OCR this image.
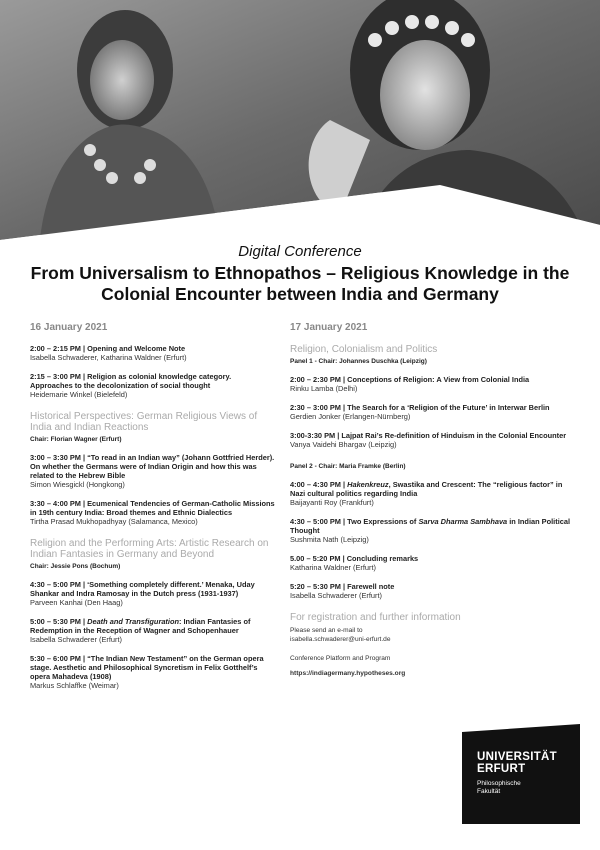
Digital Conference
From Universalism to Ethnopathos – Religious Knowledge in the Colonial Encounter between India and Germany
16 January 2021
2:00 – 2:15 PM | Opening and Welcome Note
Isabella Schwaderer, Katharina Waldner (Erfurt)
2:15 – 3:00 PM | Religion as colonial knowledge category. Approaches to the decolonization of social thought
Heidemarie Winkel (Bielefeld)
Historical Perspectives: German Religious Views of India and Indian Reactions
Chair: Florian Wagner (Erfurt)
3:00 – 3:30 PM | “To read in an Indian way” (Johann Gottfried Herder). On whether the Germans were of Indian Origin and how this was related to the Hebrew Bible
Simon Wiesgickl (Hongkong)
3:30 – 4:00 PM | Ecumenical Tendencies of German-Catholic Missions in 19th century India: Broad themes and Ethnic Dialectics
Tirtha Prasad Mukhopadhyay (Salamanca, Mexico)
Religion and the Performing Arts: Artistic Research on Indian Fantasies in Germany and Beyond
Chair: Jessie Pons (Bochum)
4:30 – 5:00 PM | ‘Something completely different.’ Menaka, Uday Shankar and Indra Ramosay in the Dutch press (1931-1937)
Parveen Kanhai (Den Haag)
5:00 – 5:30 PM | Death and Transfiguration: Indian Fantasies of Redemption in the Reception of Wagner and Schopenhauer
Isabella Schwaderer (Erfurt)
5:30 – 6:00 PM | “The Indian New Testament” on the German opera stage. Aesthetic and Philosophical Syncretism in Felix Gotthelf’s opera Mahadeva (1908)
Markus Schlaffke (Weimar)
17 January 2021
Religion, Colonialism and Politics
Panel 1 - Chair: Johannes Duschka (Leipzig)
2:00 – 2:30 PM | Conceptions of Religion: A View from Colonial India
Rinku Lamba (Delhi)
2:30 – 3:00 PM | The Search for a ‘Religion of the Future’ in Interwar Berlin
Gerdien Jonker (Erlangen-Nürnberg)
3:00-3:30 PM | Lajpat Rai’s Re-definition of Hinduism in the Colonial Encounter
Vanya Vaidehi Bhargav (Leipzig)
Panel 2 - Chair: Maria Framke (Berlin)
4:00 – 4:30 PM | Hakenkreuz, Swastika and Crescent: The “religious factor” in Nazi cultural politics regarding India
Baijayanti Roy (Frankfurt)
4:30 – 5:00 PM | Two Expressions of Sarva Dharma Sambhava in Indian Political Thought
Sushmita Nath (Leipzig)
5.00 – 5:20 PM | Concluding remarks
Katharina Waldner (Erfurt)
5:20 – 5:30 PM | Farewell note
Isabella Schwaderer (Erfurt)
For registration and further information
Please send an e-mail to
isabella.schwaderer@uni-erfurt.de
Conference Platform and Program
https://indiagermany.hypotheses.org
UNIVERSITÄT
ERFURT
Philosophische
Fakultät
